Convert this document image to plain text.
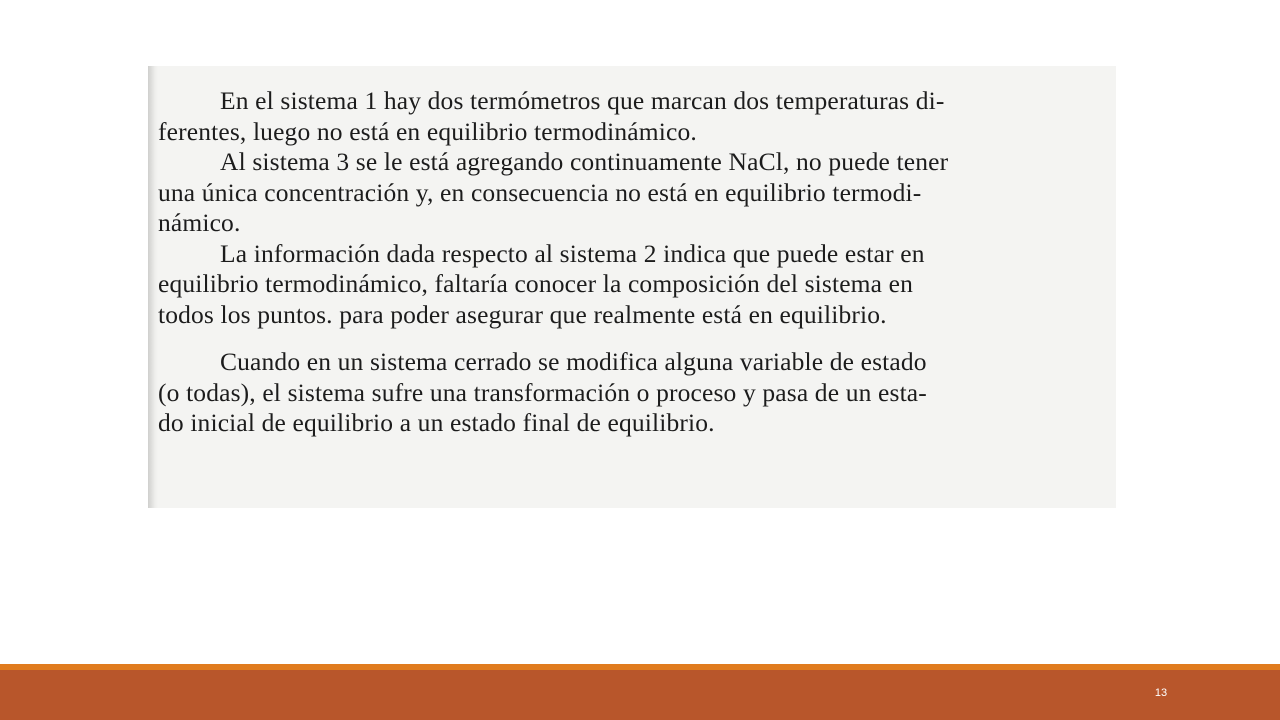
En el sistema 1 hay dos termómetros que marcan dos temperaturas di-
ferentes, luego no está en equilibrio termodinámico.
Al sistema 3 se le está agregando continuamente NaCl, no puede tener
una única concentración y, en consecuencia no está en equilibrio termodi-
námico.
La información dada respecto al sistema 2 indica que puede estar en
equilibrio termodinámico, faltaría conocer la composición del sistema en
todos los puntos. para poder asegurar que realmente está en equilibrio.
Cuando en un sistema cerrado se modifica alguna variable de estado
(o todas), el sistema sufre una transformación o proceso y pasa de un esta-
do inicial de equilibrio a un estado final de equilibrio.
13
